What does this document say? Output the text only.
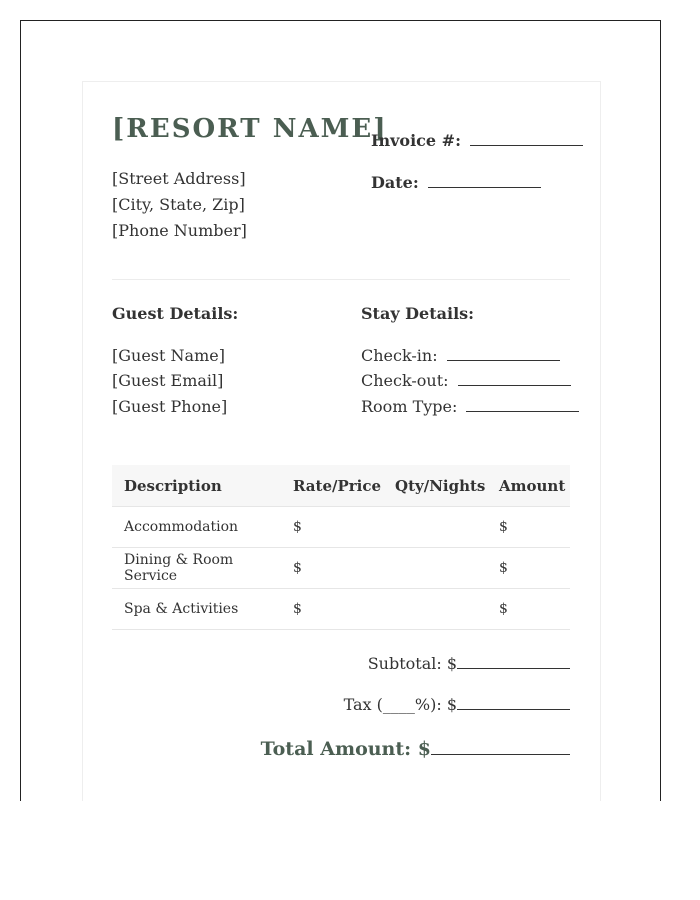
[RESORT NAME]
[Street Address]
[City, State, Zip]
[Phone Number]
Invoice #:
Date:
Guest Details:
[Guest Name]
[Guest Email]
[Guest Phone]
Stay Details:
Check-in:
Check-out:
Room Type:
Description	Rate/Price	Qty/Nights	Amount
Accommodation	$		$
Dining & Room Service	$		$
Spa & Activities	$		$
Subtotal: $
Tax (____%): $
Total Amount: $
